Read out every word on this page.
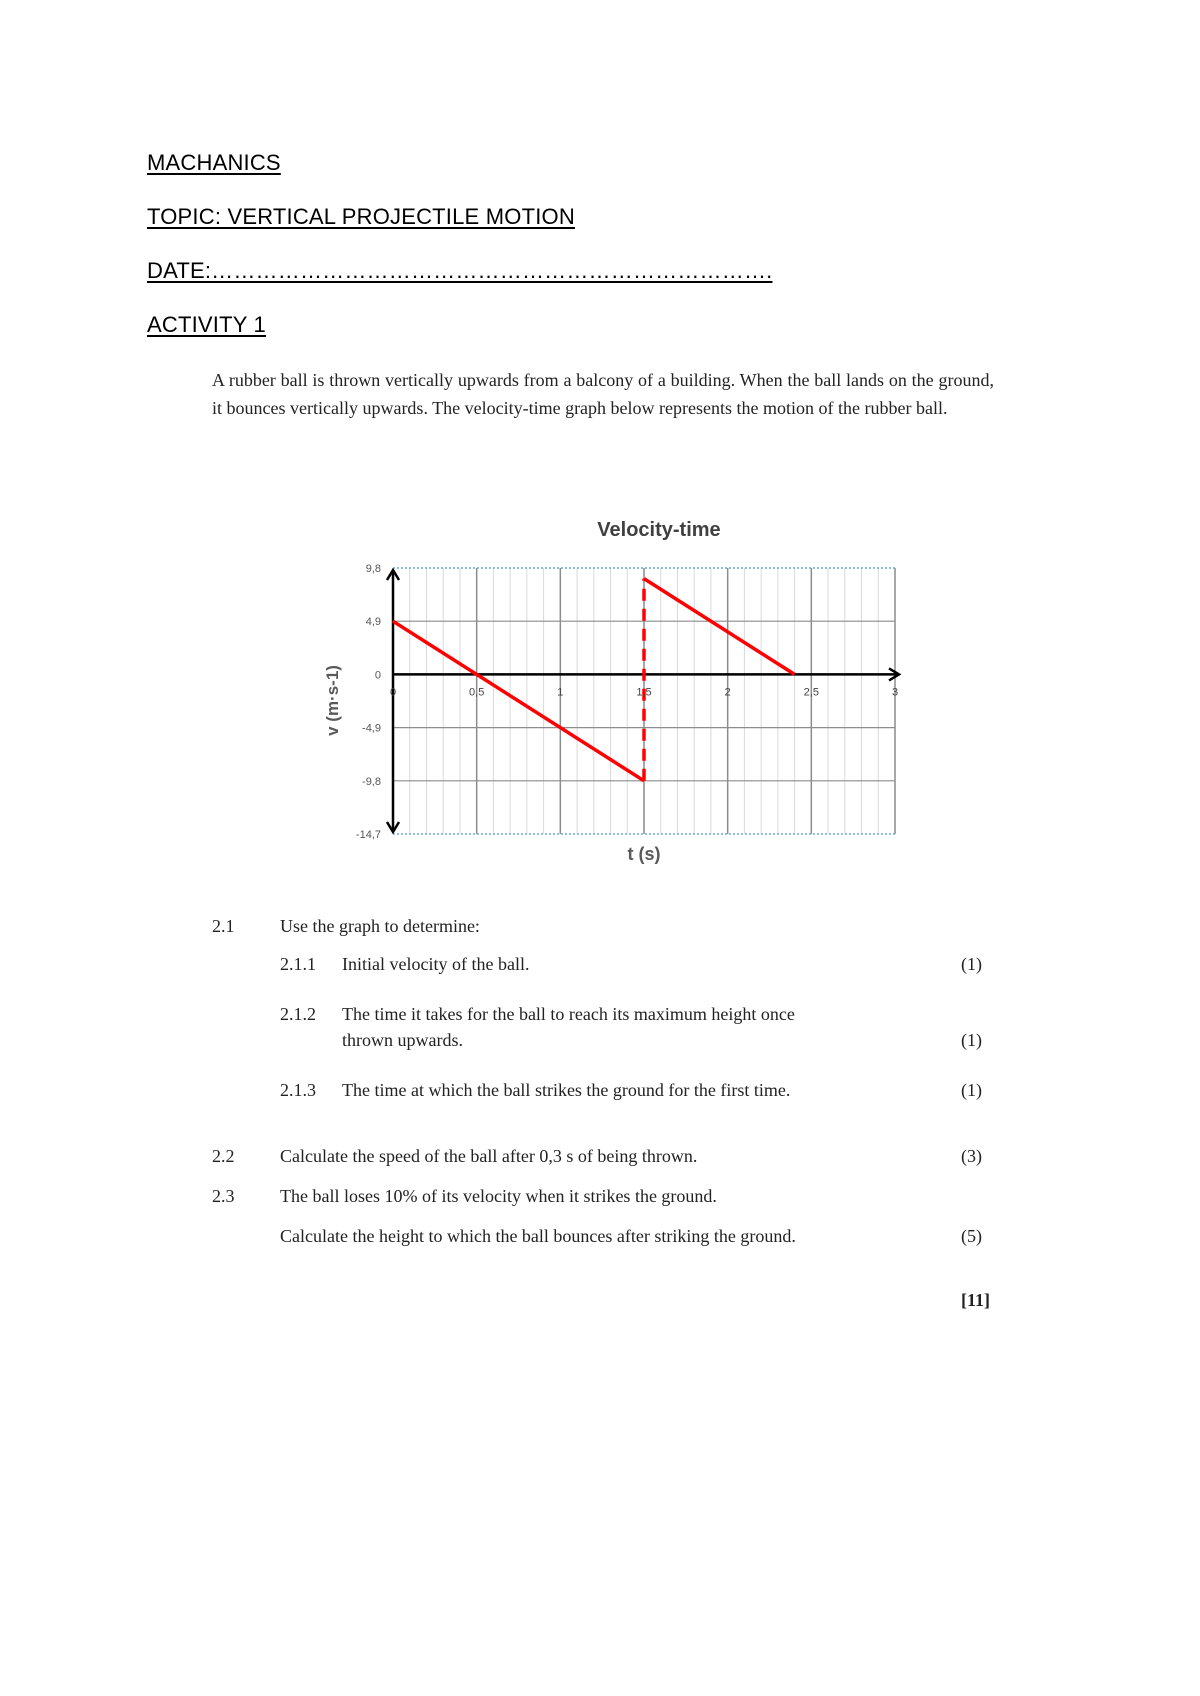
MACHANICS
TOPIC: VERTICAL PROJECTILE MOTION
DATE:………………………………………………………………….
ACTIVITY 1
A rubber ball is thrown vertically upwards from a balcony of a building. When the ball lands on the ground, it bounces vertically upwards. The velocity-time graph below represents the motion of the rubber ball.
0	0,5	1	1,5	2	2,5	3
9,8
4,9
0
-4,9
-9,8
-14,7
Velocity-time
t (s)
v (m·s-1)
2.1	Use the graph to determine:
2.1.1 Initial velocity of the ball.	(1)
2.1.2 The time it takes for the ball to reach its maximum height once
thrown upwards.	(1)
2.1.3 The time at which the ball strikes the ground for the first time.	(1)
2.2	Calculate the speed of the ball after 0,3 s of being thrown.	(3)
2.3	The ball loses 10% of its velocity when it strikes the ground.
Calculate the height to which the ball bounces after striking the ground.	(5)
[11]
